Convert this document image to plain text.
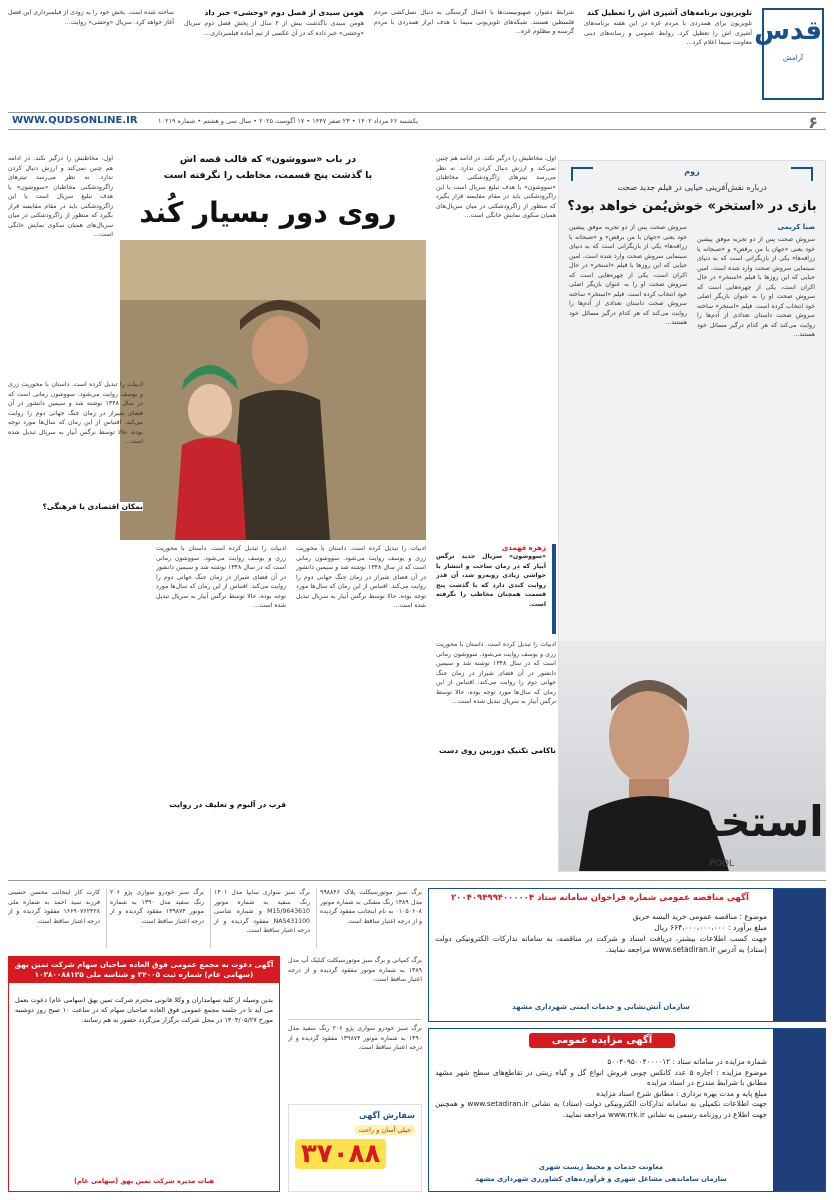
قدس
آرامش
تلویزیون برنامه‌های آشپزی اش را تعطیل کند
تلویزیون برای همدردی با مردم غزه در این هفته برنامه‌های آشپزی اش را تعطیل کرد. روابط عمومی و رسانه‌های دینی معاونت سیما اعلام کرد...
شرایط دشوار، صهیونیست‌ها با اعمال گرسنگی به دنبال نسل‌کشی مردم فلسطین هستند. شبکه‌های تلویزیونی سیما با هدف ابراز همدردی با مردم گرسنه و مظلوم غزه...
هومن سیدی از فصل دوم «وحشی» خبر داد
هومن سیدی باگذشت بیش از ۲ سال از پخش فصل دوم سریال «وحشی» خبر داده که در آن عکسی از تیم آماده فیلمبرداری...
ساخته شده است. بخش خود را به زودی از فیلمبرداری این فصل آغاز خواهد کرد. سریال «وحشی» روایت...
۶
یکشنبه ۲۶ مرداد ۱۴۰۲ • ۲۳ صفر ۱۴۴۷ • ۱۷ آگوست ۲۰۲۵ • سال سی و هشتم • شماره ۱۰۲۱۹
WWW.QUDSONLINE.IR
زوم
درباره نقش‌آفرینی حیایی در فیلم جدید صحت
بازی در «استخر» خوش‌یُمن خواهد بود؟
صبا کریمی
سروش صحت پس از دو تجربه موفق پیشین خود یعنی «جهان با من برقص» و «صبحانه با زرافه‌ها» یکی از بازیگرانی است که به دنیای سینمایی سروش صحت وارد شده است. امین حیایی که این روزها با فیلم «استخر» در حال اکران است، یکی از چهره‌هایی است که سروش صحت او را به عنوان بازیگر اصلی خود انتخاب کرده است. فیلم «استخر» ساخته سروش صحت داستان تعدادی از آدم‌ها را روایت می‌کند که هر کدام درگیر مسائل خود هستند...
سروش صحت پس از دو تجربه موفق پیشین خود یعنی «جهان با من برقص» و «صبحانه با زرافه‌ها» یکی از بازیگرانی است که به دنیای سینمایی سروش صحت وارد شده است. امین حیایی که این روزها با فیلم «استخر» در حال اکران است، یکی از چهره‌هایی است که سروش صحت او را به عنوان بازیگر اصلی خود انتخاب کرده است. فیلم «استخر» ساخته سروش صحت داستان تعدادی از آدم‌ها را روایت می‌کند که هر کدام درگیر مسائل خود هستند...
استخر
POOL
در باب «سووشون» که قالب قصه اش
با گذشت پنج قسمت، مخاطب را نگرفته است
روی دور بسیار کُند
اول، مخاطبش را درگیر نکند. در ادامه هم چنین نمی‌کند و ارزش دنبال کردن ندارد. نه نظر می‌رسد تیترهای زاگرودشکنی مخاطبان «سووشون» با هدف تبلیغ سریال است یا این زاگرودشکنی باید در مقام مقایسه قرار بگیرد که منظور از زاگرودشکنی در میان سریال‌های همیان سکوی نمایش خانگی است...
اول، مخاطبش را درگیر نکند. در ادامه هم چنین نمی‌کند و ارزش دنبال کردن ندارد. نه نظر می‌رسد تیترهای زاگرودشکنی مخاطبان «سووشون» با هدف تبلیغ سریال است یا این زاگرودشکنی باید در مقام مقایسه قرار بگیرد که منظور از زاگرودشکنی در میان سریال‌های همیان سکوی نمایش خانگی است...
زهره قهمدی
«سووشون» سریال جدید نرگس آبیار که در زمان ساخت و انتشار با حواشی زیادی روبه‌رو شد، آن قدر روایت کندی دارد که با گذشت پنج قسمت همچنان مخاطب را نگرفته است.
ادبیات را تبدیل کرده است. داستان با محوریت زری و یوسف روایت می‌شود. سووشون رمانی است که در سال ۱۳۴۸ نوشته شد و سیمین دانشور در آن فضای شیراز در زمان جنگ جهانی دوم را روایت می‌کند. اقتباس از این رمان که سال‌ها مورد توجه بوده، حالا توسط نرگس آبیار به سریال تبدیل شده است...
ادبیات را تبدیل کرده است. داستان با محوریت زری و یوسف روایت می‌شود. سووشون رمانی است که در سال ۱۳۴۸ نوشته شد و سیمین دانشور در آن فضای شیراز در زمان جنگ جهانی دوم را روایت می‌کند. اقتباس از این رمان که سال‌ها مورد توجه بوده، حالا توسط نرگس آبیار به سریال تبدیل شده است...
ادبیات را تبدیل کرده است. داستان با محوریت زری و یوسف روایت می‌شود. سووشون رمانی است که در سال ۱۳۴۸ نوشته شد و سیمین دانشور در آن فضای شیراز در زمان جنگ جهانی دوم را روایت می‌کند. اقتباس از این رمان که سال‌ها مورد توجه بوده، حالا توسط نرگس آبیار به سریال تبدیل شده است...
بمکان اقتصادی یا فرهنگی؟
ناکامی تکنیک دوربین روی دست
ادبیات را تبدیل کرده است. داستان با محوریت زری و یوسف روایت می‌شود. سووشون رمانی است که در سال ۱۳۴۸ نوشته شد و سیمین دانشور در آن فضای شیراز در زمان جنگ جهانی دوم را روایت می‌کند. اقتباس از این رمان که سال‌ها مورد توجه بوده، حالا توسط نرگس آبیار به سریال تبدیل شده است...
قرب در آلبوم و تعلیف در روایت
آگهی مناقصه عمومی شماره فراخوان سامانه ستاد ۲۰۰۴۰۹۴۹۹۴۰۰۰۰۰۴
موضوع : مناقصه عمومی خرید البسه حریق
مبلغ برآورد : ۶۶۴،۰۰۰،۰۰۰،۰۰۰ ریال
جهت کسب اطلاعات بیشتر، دریافت اسناد و شرکت در مناقصه، به سامانه تدارکات الکترونیکی دولت (ستاد) به آدرس www.setadiran.ir مراجعه نمایند.
سازمان آتش‌نشانی و خدمات ایمنی شهرداری مشهد
آگهی مزایده عمومی
شماره مزایده در سامانه ستاد : ۵۰۰۴۰۹۵۰۰۴۰۰۰۰۱۲
موضوع مزایده : اجاره ۵ عدد کانکس چوبی فروش انواع گل و گیاه زینتی در تقاطع‌های سطح شهر مشهد مطابق با شرایط مندرج در اسناد مزایده
مبلغ پایه و مدت بهره برداری : مطابق شرح اسناد مزایده
جهت اطلاعات تکمیلی به سامانه تدارکات الکترونیکی دولت (ستاد) به نشانی www.setadiran.ir و همچنین جهت اطلاع در روزنامه رسمی به نشانی www.rrk.ir مراجعه نمایید.
معاونت خدمات و محیط زیست شهری
سازمان ساماندهی مشاغل شهری و فرآورده‌های کشاورزی شهرداری مشهد
برگ سبز موتورسیکلت پلاک ۹۹۸۸۴۶ مدل ۱۳۸۹ رنگ مشکی به شماره موتور ۰۱۰۵۰۶۰۸ به نام اینجانب مفقود گردیده و از درجه اعتبار ساقط است.
برگ سبز سواری سایپا مدل ۱۴۰۱ رنگ سفید به شماره موتور M15/9643610 و شماره شاسی NAS431100 مفقود گردیده و از درجه اعتبار ساقط است.
برگ سبز خودرو سواری پژو ۲۰۶ رنگ سفید مدل ۱۳۹۰ به شماره موتور ۱۳۹۸۷۴ مفقود گردیده و از درجه اعتبار ساقط است.
کارت کار اینجانب محسن حسینی فرزند سید احمد به شماره ملی ۱۶۶۹۰۷۶۲۴۲۸ مفقود گردیده و از درجه اعتبار ساقط است.
آگهی دعوت به مجمع عمومی فوق العاده صاحبان سهام شرکت تمین بهق (سهامی عام) شماره ثبت ۲۴۰۰۵ و شناسه ملی ۱۰۳۸۰۰۸۸۱۲۵
بدین وسیله از کلیه سهامداران و وکلا قانونی محترم شرکت تمین بهق (سهامی عام) دعوت بعمل می آید تا در جلسه مجمع عمومی فوق العاده صاحبان سهام که در ساعت ۱۰ صبح روز دوشنبه مورخ ۱۴۰۴/۰۵/۲۷ در محل شرکت برگزار می‌گردد حضور به هم رسانند.
هیات مدیره شرکت تمین بهق (سهامی عام)
برگ کمپانی و برگ سبز موتورسیکلت کبلیک آپ مدل ۱۳۸۹ به شماره موتور مفقود گردیده و از درجه اعتبار ساقط است.
برگ سبز خودرو سواری پژو ۲۰۶ رنگ سفید مدل ۱۳۹۰ به شماره موتور ۱۳۹۸۷۴ مفقود گردیده و از درجه اعتبار ساقط است.
سفارش آگهی
خیلی آسان و راحت
۳۷۰۸۸
